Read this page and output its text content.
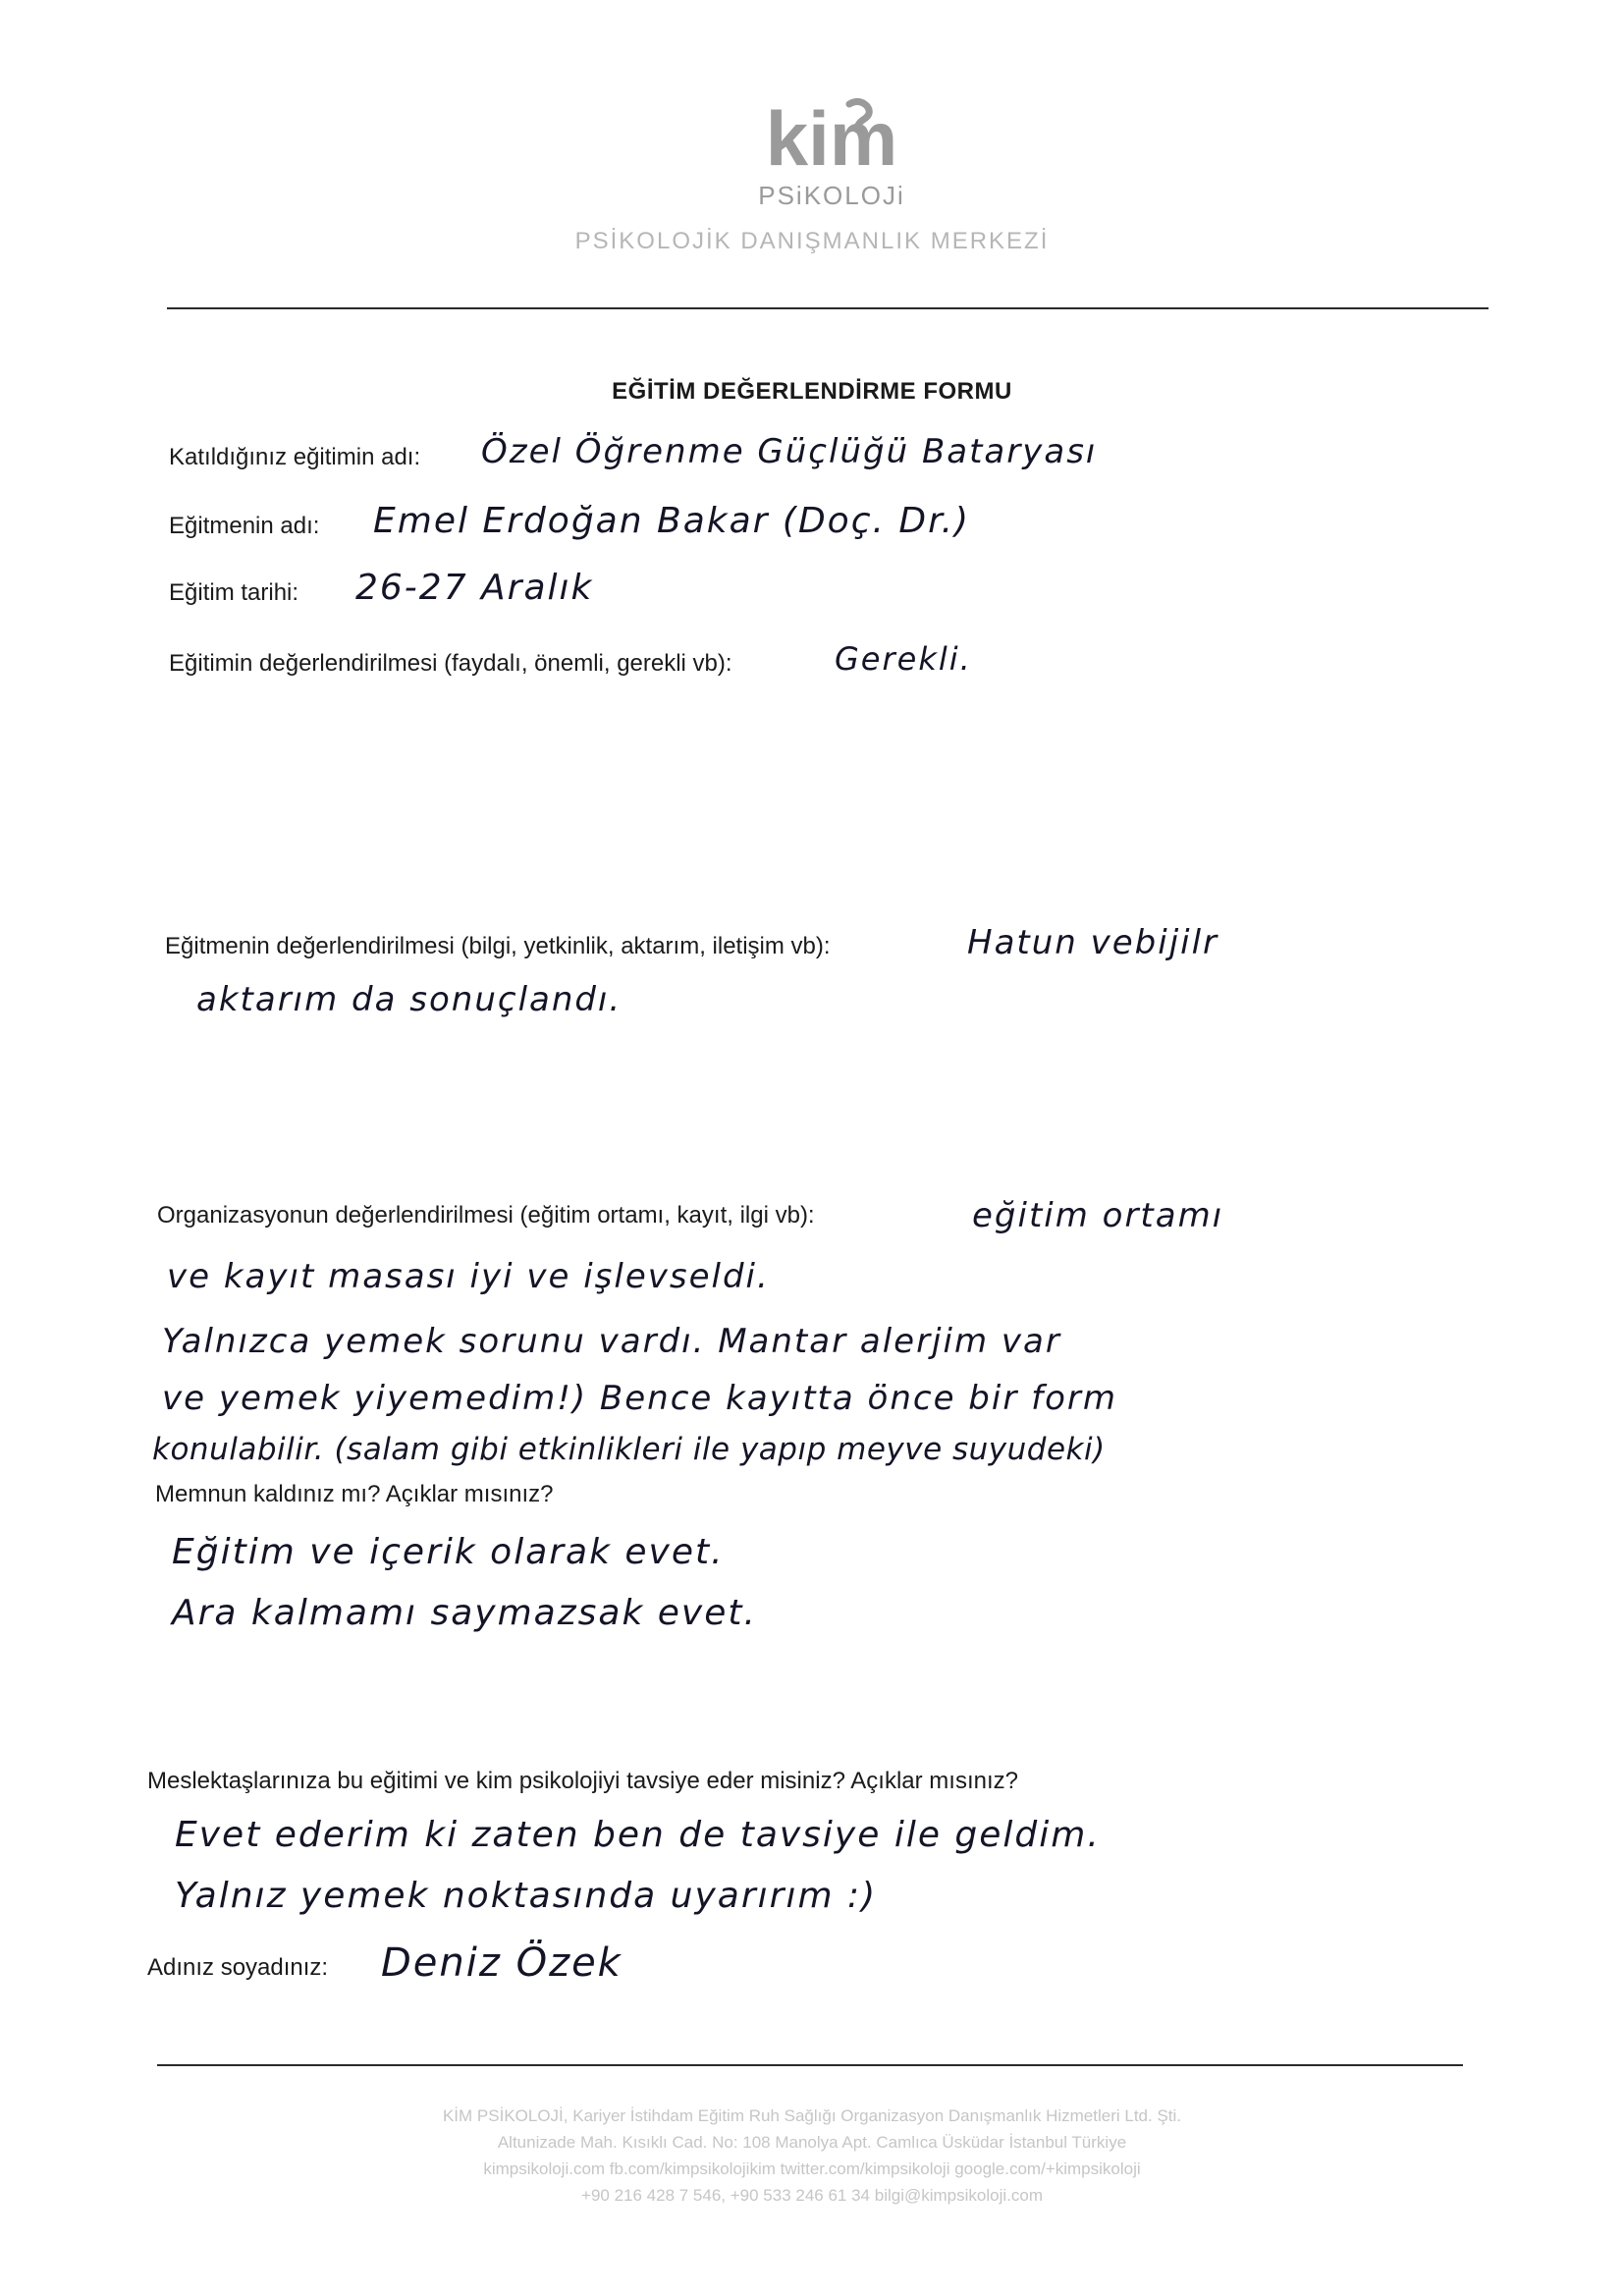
kim
PSiKOLOJi
PSİKOLOJİK DANIŞMANLIK MERKEZİ
EĞİTİM DEĞERLENDİRME FORMU
Katıldığınız eğitimin adı: Özel Öğrenme Güçlüğü Bataryası
Eğitmenin adı: Emel Erdoğan Bakar (Doç. Dr.)
Eğitim tarihi: 26-27 Aralık
Eğitimin değerlendirilmesi (faydalı, önemli, gerekli vb):	Gerekli.
Eğitmenin değerlendirilmesi (bilgi, yetkinlik, aktarım, iletişim vb):	Hatun vebijilr
aktarım da sonuçlandı.
Organizasyonun değerlendirilmesi (eğitim ortamı, kayıt, ilgi vb):	eğitim ortamı
ve kayıt masası iyi ve işlevseldi.
Yalnızca yemek sorunu vardı. Mantar alerjim var
ve yemek yiyemedim!) Bence kayıtta önce bir form
konulabilir. (salam gibi etkinlikleri ile yapıp meyve suyudeki)
Memnun kaldınız mı? Açıklar mısınız?
Eğitim ve içerik olarak evet.
Ara kalmamı saymazsak evet.
Meslektaşlarınıza bu eğitimi ve kim psikolojiyi tavsiye eder misiniz? Açıklar mısınız?
Evet ederim ki zaten ben de tavsiye ile geldim.
Yalnız yemek noktasında uyarırım :)
Adınız soyadınız: Deniz Özek
KİM PSİKOLOJİ, Kariyer İstihdam Eğitim Ruh Sağlığı Organizasyon Danışmanlık Hizmetleri Ltd. Şti.
Altunizade Mah. Kısıklı Cad. No: 108 Manolya Apt. Camlıca Üsküdar İstanbul Türkiye
kimpsikoloji.com fb.com/kimpsikolojikim twitter.com/kimpsikoloji google.com/+kimpsikoloji
+90 216 428 7 546, +90 533 246 61 34 bilgi@kimpsikoloji.com
